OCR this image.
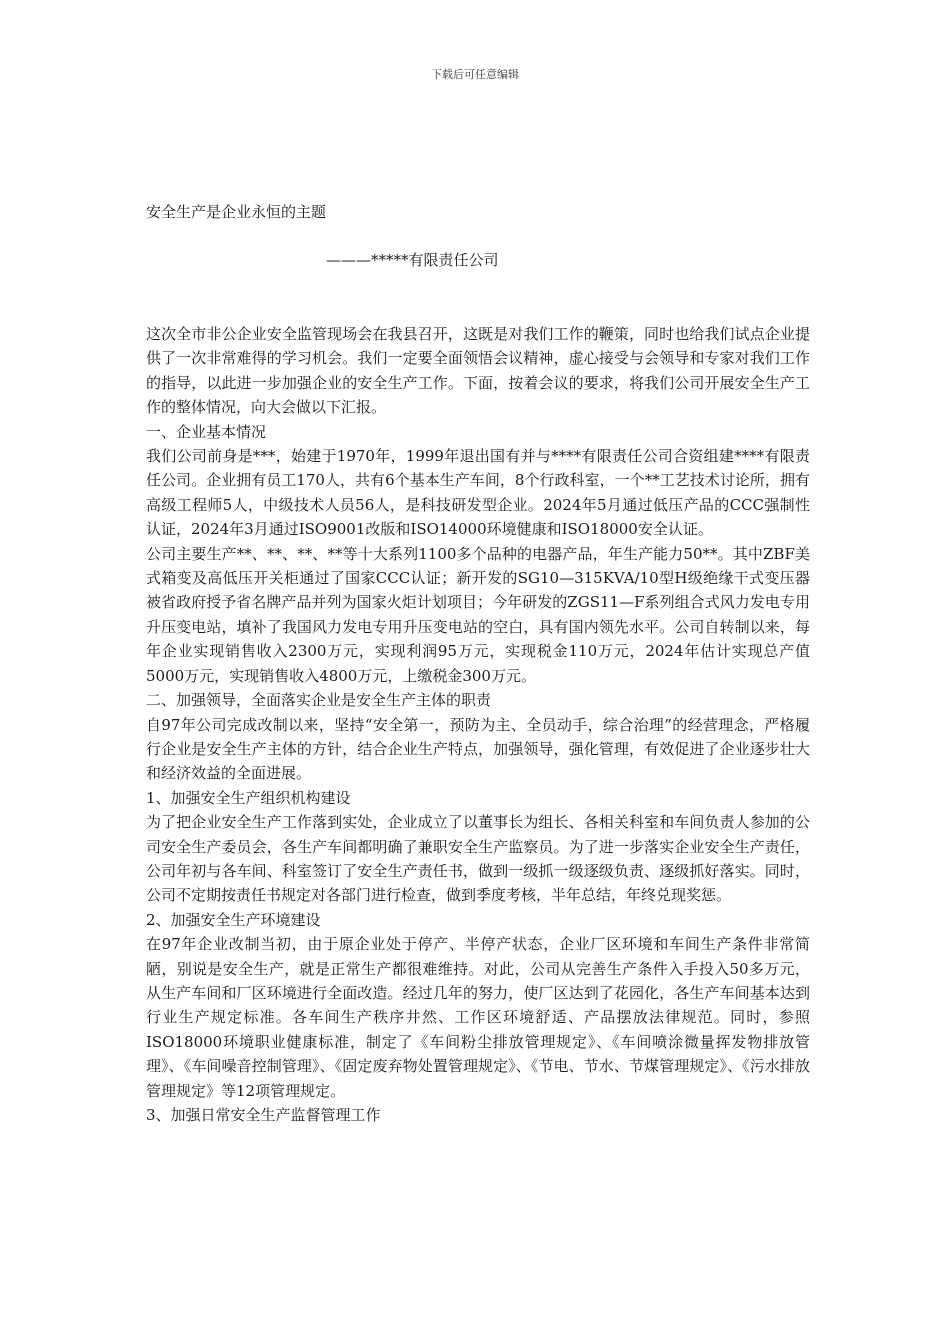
下载后可任意编辑
安全生产是企业永恒的主题
———*****有限责任公司

这次全市非公企业安全监管现场会在我县召开，这既是对我们工作的鞭策，同时也给我们试点企业提供了一次非常难得的学习机会。我们一定要全面领悟会议精神，虚心接受与会领导和专家对我们工作的指导，以此进一步加强企业的安全生产工作。下面，按着会议的要求，将我们公司开展安全生产工作的整体情况，向大会做以下汇报。

一、企业基本情况

我们公司前身是***，始建于1970年，1999年退出国有并与****有限责任公司合资组建****有限责任公司。企业拥有员工170人，共有6个基本生产车间，8个行政科室，一个**工艺技术讨论所，拥有高级工程师5人，中级技术人员56人，是科技研发型企业。2024年5月通过低压产品的CCC强制性认证，2024年3月通过ISO9001改版和ISO14000环境健康和ISO18000安全认证。

公司主要生产**、**、**、**等十大系列1100多个品种的电器产品，年生产能力50**。其中ZBF美式箱变及高低压开关柜通过了国家CCC认证；新开发的SG10—315KVA/10型H级绝缘干式变压器被省政府授予省名牌产品并列为国家火炬计划项目；今年研发的ZGS11—F系列组合式风力发电专用升压变电站，填补了我国风力发电专用升压变电站的空白，具有国内领先水平。公司自转制以来，每年企业实现销售收入2300万元，实现利润95万元，实现税金110万元，2024年估计实现总产值5000万元，实现销售收入4800万元，上缴税金300万元。

二、加强领导，全面落实企业是安全生产主体的职责

自97年公司完成改制以来，坚持“安全第一，预防为主、全员动手，综合治理”的经营理念，严格履行企业是安全生产主体的方针，结合企业生产特点，加强领导，强化管理，有效促进了企业逐步壮大和经济效益的全面进展。

1、加强安全生产组织机构建设

为了把企业安全生产工作落到实处，企业成立了以董事长为组长、各相关科室和车间负责人参加的公司安全生产委员会，各生产车间都明确了兼职安全生产监察员。为了进一步落实企业安全生产责任，公司年初与各车间、科室签订了安全生产责任书，做到一级抓一级逐级负责、逐级抓好落实。同时，公司不定期按责任书规定对各部门进行检查，做到季度考核，半年总结，年终兑现奖惩。

2、加强安全生产环境建设

在97年企业改制当初，由于原企业处于停产、半停产状态，企业厂区环境和车间生产条件非常简陋，别说是安全生产，就是正常生产都很难维持。对此，公司从完善生产条件入手投入50多万元，从生产车间和厂区环境进行全面改造。经过几年的努力，使厂区达到了花园化，各生产车间基本达到行业生产规定标准。各车间生产秩序井然、工作区环境舒适、产品摆放法律规范。同时，参照ISO18000环境职业健康标准，制定了《车间粉尘排放管理规定》、《车间喷涂微量挥发物排放管理》、《车间噪音控制管理》、《固定废弃物处置管理规定》、《节电、节水、节煤管理规定》、《污水排放管理规定》等12项管理规定。

3、加强日常安全生产监督管理工作
